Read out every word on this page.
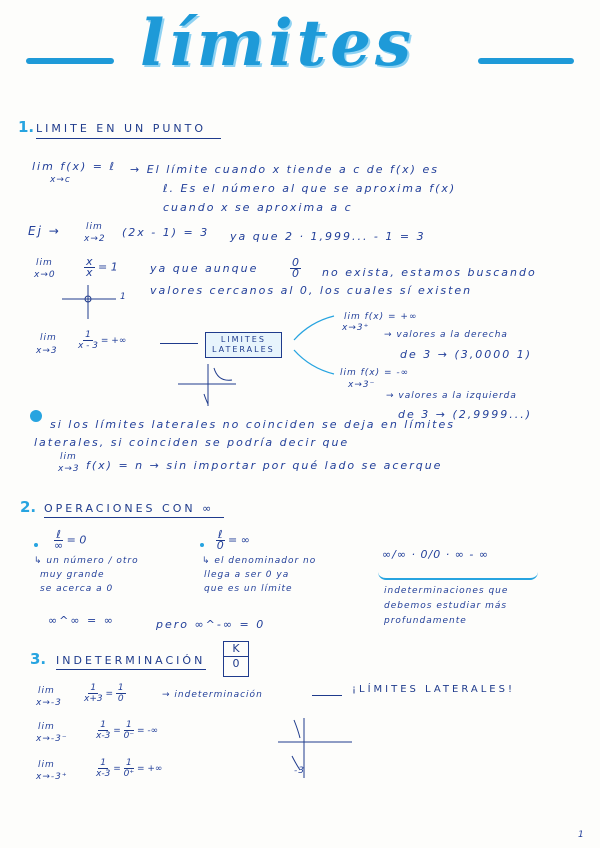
límites
1. LIMITE EN UN PUNTO
lim f(x) = ℓ
x→c
→ El límite cuando x tiende a c de f(x) es
ℓ. Es el número al que se aproxima f(x)
cuando x se aproxima a c
Ej →	lim
x→2 (2x - 1) = 3 ya que 2 · 1,999... - 1 = 3
lim
x→0	$\frac{x}{x} = 1$	ya que aunque	$\frac{0}{0}$ no exista, estamos buscando
valores cercanos al 0, los cuales sí existen
1
lim
$x\to 3 \frac{1}{x - 3}$ = +∞	LIMITES
LATERALES
lim f(x) = +∞
x→3⁺
→ valores a la derecha
de 3 → (3,0000 1)
lim f(x) = -∞
x→3⁻
→ valores a la izquierda
de 3 → (2,9999...)
si los límites laterales no coinciden se deja en límites
laterales, si coinciden se podría decir que
lim
x→3 f(x) = n → sin importar por qué lado se acerque
2. OPERACIONES CON ∞
$\frac{\text{ℓ}}{\infty} = 0$
↳ un número / otro
muy grande
se acerca a 0
$\frac{\text{ℓ}}{0}$ = ∞
↳ el denominador no
llega a ser 0 ya
que es un límite
∞/∞ · 0/0 · ∞ - ∞
indeterminaciones que
debemos estudiar más
profundamente
∞^∞ = ∞	pero ∞^-∞ = 0
3. INDETERMINACIÓN $\frac{K}{0}$
lim
$x\to-3 \frac{1}{x+3} = \frac{1}{0}$	→ indeterminación	¡LÍMITES LATERALES!
lim
x→-3⁻	$\frac{1}{x-3} = \frac{1}{0^-}$ = -∞
lim
x→-3⁺	$\frac{1}{x-3} = \frac{1}{0^+}$ = +∞	-3
1
